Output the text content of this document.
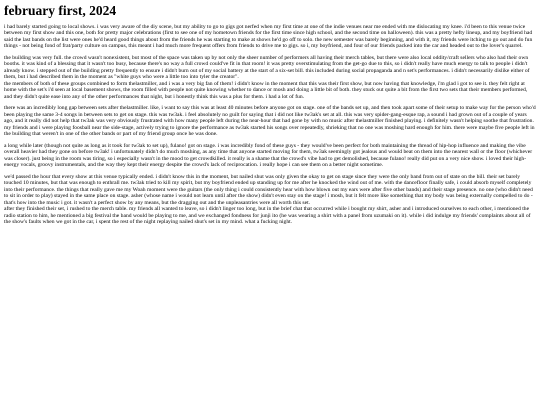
february first, 2024

i had barely started going to local shows. i was very aware of the diy scene, but my ability to go to gigs got nerfed when my first time at one of the indie venues near me ended with me dislocating my knee. i'd been to this venue twice between my first show and this one, both for pretty major celebrations (first to see one of my hometown friends for the first time since high school, and the second time on halloween). this was a pretty hefty lineup, and my boyfriend had said the last bands on the list were ones he'd heard good things about from the friends he was starting to make at shows he'd go off to solo. the new semester was barely beginning, and with it, my friends were itching to go out and do fun things - not being fond of frat/party culture on campus, this meant i had much more frequent offers from friends to drive me to gigs. so i, my boyfriend, and four of our friends packed into the car and headed out to the lover's quarrel.

the building was very full. the crowd wasn't nonexistent, but most of the space was taken up by not only the sheer number of performers all having their merch tables, but there were also local oddity/craft sellers who also had their own booths. it was kind of a blessing that it wasn't too busy, because there's no way a full crowd could've fit in that room! it was pretty overstimulating from the get-go due to this, so i didn't really have much energy to talk to people i didn't already know. i stepped out of the building pretty frequently to ensure i didn't burn out of my social battery at the start of a six-set bill. this included during social propaganda and n set's performances. i didn't necessarily dislike either of them, but i had described them in the moment as "white guys who were a little too into tyler the creator".

the members of both of these groups combined to form thelastmiller, and i was a very big fan of them! i didn't know in the moment that this was their first show, but now having that knowledge, i'm glad i got to see it. they felt right at home with the set's i'd seen at local basement shows, the room filled with people not quite knowing whether to dance or mosh and doing a little bit of both. they stuck out quite a bit from the first two sets that their members performed, and they didn't quite ease into any of the other performances that night, but i honestly think this was a plus for them. i had a lot of fun.

there was an incredibly long gap between sets after thelastmiller. like, i want to say this was at least 40 minutes before anyone got on stage. one of the bands set up, and then took apart some of their setup to make way for the person who'd been playing the same 3-4 songs in between sets to get on stage. this was tw3ak. i feel absolutely no guilt for saying that i did not like tw3ak's set at all. this was very spider-gang-esque rap, a sound i had grown out of a couple of years ago, and it really did not help that tw3ak was very obviously frustrated with how many people left during the near-hour that had gone by with no music after thelastmiller finished playing. i definitely wasn't helping soothe that frustration. my friends and i were playing foosball near the side-stage, actively trying to ignore the performance as tw3ak started his songs over repeatedly, shrieking that no one was moshing hard enough for him. there were maybe five people left in the building that weren't in one of the other bands or part of my friend group once he was done.

a long while later (though not quite as long as it took for tw3ak to set up), fulano! got on stage. i was incredibly fond of these guys - they would've been perfect for both maintaining the thread of hip-hop influence and making the vibe overall heavier had they gone on before tw3ak! i unfortunately didn't do much moshing, as any time that anyone started moving for them, tw3ak seemingly got jealous and would beat on them into the nearest wall or the floor (whichever was closer). just being in the room was tiring, so i especially wasn't in the mood to get crowdkilled. it really is a shame that the crowd's vibe had to get demolished, because fulano! really did put on a very nice show. i loved their high-energy vocals, groovy instrumentals, and the way they kept their energy despite the crowd's lack of reciprocation. i really hope i can see them on a better night sometime.

we'd passed the hour that every show at this venue typically ended. i didn't know this in the moment, but nailed shut was only given the okay to get on stage since they were the only band from out of state on the bill. their set barely touched 10 minutes, but that was enough to enthrall me. tw3ak tried to kill my spirit, but my boyfriend ended up standing up for me after he knocked the wind out of me. with the dancefloor finally safe, i could absorb myself completely into their performance. the things that really gave me my Woah moment were the guitars (the only thing i could consistently hear with how blown out my ears were after five other bands) and their stage presence. no one (who didn't need to sit in order to play) stayed in the same place on stage. asher (whose name i would not learn until after the show) didn't even stay on the stage! i mosh, but it felt more like something that my body was being externally compelled to do - that's how into the music i got. it wasn't a perfect show by any means, but the dragging out and the unpleasantries were all worth this set.

after they finished their set, i rushed to the merch table. my friends all wanted to leave, so i didn't linger too long, but in the brief chat that occurred while i bought my shirt, asher and i introduced ourselves to each other, i mentioned the radio station to him, he mentioned a big festival the band would be playing to me, and we exchanged fondness for junji ito (he was wearing a shirt with a panel from uzumaki on it). while i did indulge my friends' complaints about all of the show's faults when we got in the car, i spent the rest of the night replaying nailed shut's set in my mind. what a fucking night.
